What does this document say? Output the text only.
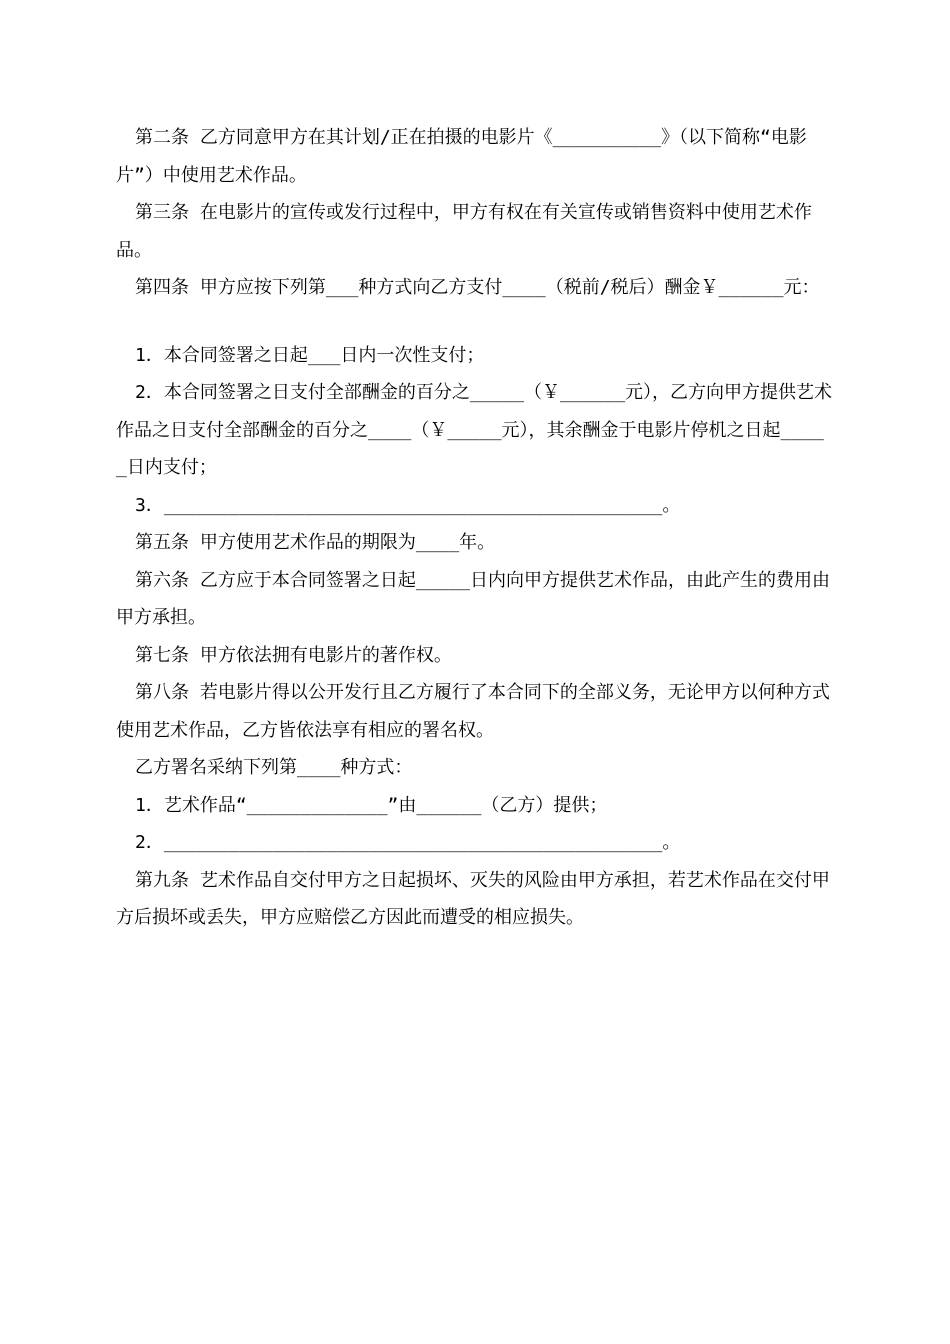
第二条 乙方同意甲方在其计划/正在拍摄的电影片《__________》（以下简称“电影片”）中使用艺术作品。

第三条 在电影片的宣传或发行过程中，甲方有权在有关宣传或销售资料中使用艺术作品。

第四条 甲方应按下列第___种方式向乙方支付____（税前/税后）酬金￥______元：

1．本合同签署之日起___日内一次性支付；

2．本合同签署之日支付全部酬金的百分之_____（￥______元），乙方向甲方提供艺术作品之日支付全部酬金的百分之____（￥_____元），其余酬金于电影片停机之日起_____日内支付；

3．______________________________________________。

第五条 甲方使用艺术作品的期限为____年。

第六条 乙方应于本合同签署之日起_____日内向甲方提供艺术作品，由此产生的费用由甲方承担。

第七条 甲方依法拥有电影片的著作权。

第八条 若电影片得以公开发行且乙方履行了本合同下的全部义务，无论甲方以何种方式使用艺术作品，乙方皆依法享有相应的署名权。

乙方署名采纳下列第____种方式：

1．艺术作品“_____________”由______（乙方）提供；

2．______________________________________________。

第九条 艺术作品自交付甲方之日起损坏、灭失的风险由甲方承担，若艺术作品在交付甲方后损坏或丢失，甲方应赔偿乙方因此而遭受的相应损失。
